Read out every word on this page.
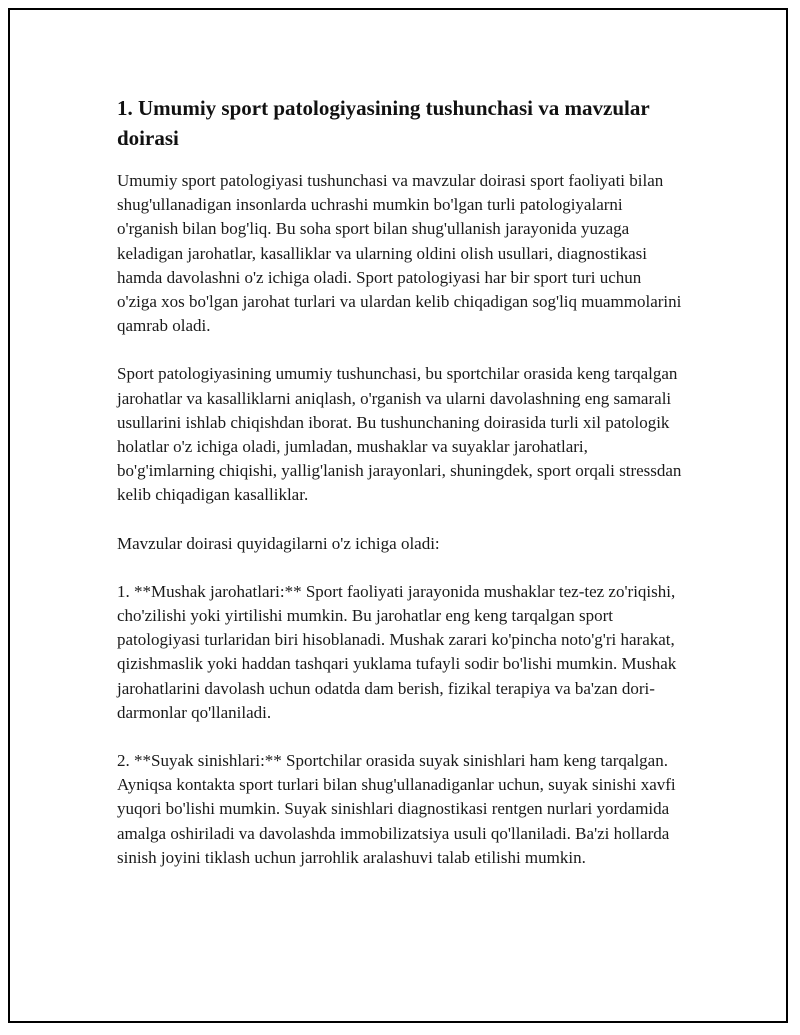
1. Umumiy sport patologiyasining tushunchasi va mavzular doirasi

Umumiy sport patologiyasi tushunchasi va mavzular doirasi sport faoliyati bilan shug'ullanadigan insonlarda uchrashi mumkin bo'lgan turli patologiyalarni o'rganish bilan bog'liq. Bu soha sport bilan shug'ullanish jarayonida yuzaga keladigan jarohatlar, kasalliklar va ularning oldini olish usullari, diagnostikasi hamda davolashni o'z ichiga oladi. Sport patologiyasi har bir sport turi uchun o'ziga xos bo'lgan jarohat turlari va ulardan kelib chiqadigan sog'liq muammolarini qamrab oladi.

Sport patologiyasining umumiy tushunchasi, bu sportchilar orasida keng tarqalgan jarohatlar va kasalliklarni aniqlash, o'rganish va ularni davolashning eng samarali usullarini ishlab chiqishdan iborat. Bu tushunchaning doirasida turli xil patologik holatlar o'z ichiga oladi, jumladan, mushaklar va suyaklar jarohatlari, bo'g'imlarning chiqishi, yallig'lanish jarayonlari, shuningdek, sport orqali stressdan kelib chiqadigan kasalliklar.

Mavzular doirasi quyidagilarni o'z ichiga oladi:

1. **Mushak jarohatlari:** Sport faoliyati jarayonida mushaklar tez-tez zo'riqishi, cho'zilishi yoki yirtilishi mumkin. Bu jarohatlar eng keng tarqalgan sport patologiyasi turlaridan biri hisoblanadi. Mushak zarari ko'pincha noto'g'ri harakat, qizishmaslik yoki haddan tashqari yuklama tufayli sodir bo'lishi mumkin. Mushak jarohatlarini davolash uchun odatda dam berish, fizikal terapiya va ba'zan dori-darmonlar qo'llaniladi.

2. **Suyak sinishlari:** Sportchilar orasida suyak sinishlari ham keng tarqalgan. Ayniqsa kontakta sport turlari bilan shug'ullanadiganlar uchun, suyak sinishi xavfi yuqori bo'lishi mumkin. Suyak sinishlari diagnostikasi rentgen nurlari yordamida amalga oshiriladi va davolashda immobilizatsiya usuli qo'llaniladi. Ba'zi hollarda sinish joyini tiklash uchun jarrohlik aralashuvi talab etilishi mumkin.
